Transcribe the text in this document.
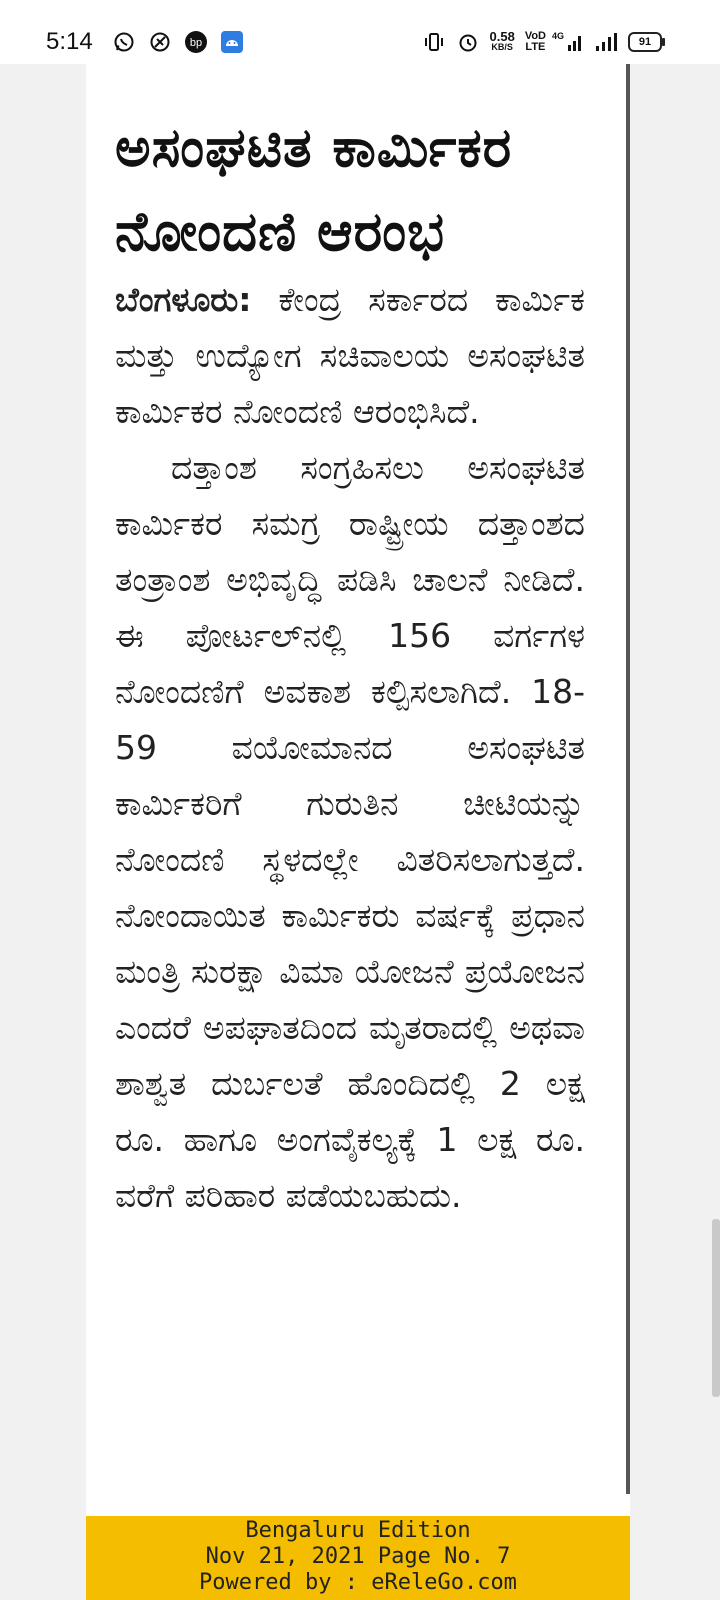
5:14	bp	0.58
KB/S
VoD
LTE
4G	91
ಅಸಂಘಟಿತ ಕಾರ್ಮಿಕರ
ನೋಂದಣಿ ಆರಂಭ

ಬೆಂಗಳೂರು: ಕೇಂದ್ರ ಸರ್ಕಾರದ ಕಾರ್ಮಿಕ ಮತ್ತು ಉದ್ಯೋಗ ಸಚಿವಾಲಯ ಅಸಂಘಟಿತ ಕಾರ್ಮಿಕರ ನೋಂದಣಿ ಆರಂಭಿಸಿದೆ.

ದತ್ತಾಂಶ ಸಂಗ್ರಹಿಸಲು ಅಸಂಘಟಿತ ಕಾರ್ಮಿಕರ ಸಮಗ್ರ ರಾಷ್ಟ್ರೀಯ ದತ್ತಾಂಶದ ತಂತ್ರಾಂಶ ಅಭಿವೃದ್ಧಿ ಪಡಿಸಿ ಚಾಲನೆ ನೀಡಿದೆ. ಈ ಪೋರ್ಟಲ್‌ನಲ್ಲಿ 156 ವರ್ಗಗಳ ನೋಂದಣಿಗೆ ಅವಕಾಶ ಕಲ್ಪಿಸಲಾಗಿದೆ. 18-59 ವಯೋಮಾನದ ಅಸಂಘಟಿತ ಕಾರ್ಮಿಕರಿಗೆ ಗುರುತಿನ ಚೀಟಿಯನ್ನು ನೋಂದಣಿ ಸ್ಥಳದಲ್ಲೇ ವಿತರಿಸಲಾಗುತ್ತದೆ. ನೋಂದಾಯಿತ ಕಾರ್ಮಿಕರು ವರ್ಷಕ್ಕೆ ಪ್ರಧಾನ ಮಂತ್ರಿ ಸುರಕ್ಷಾ ವಿಮಾ ಯೋಜನೆ ಪ್ರಯೋಜನ ಎಂದರೆ ಅಪಘಾತದಿಂದ ಮೃತರಾದಲ್ಲಿ ಅಥವಾ ಶಾಶ್ವತ ದುರ್ಬಲತೆ ಹೊಂದಿದಲ್ಲಿ 2 ಲಕ್ಷ ರೂ. ಹಾಗೂ ಅಂಗವೈಕಲ್ಯಕ್ಕೆ 1 ಲಕ್ಷ ರೂ. ವರೆಗೆ ಪರಿಹಾರ ಪಡೆಯಬಹುದು.

Bengaluru Edition
Nov 21, 2021 Page No. 7
Powered by : eReleGo.com
